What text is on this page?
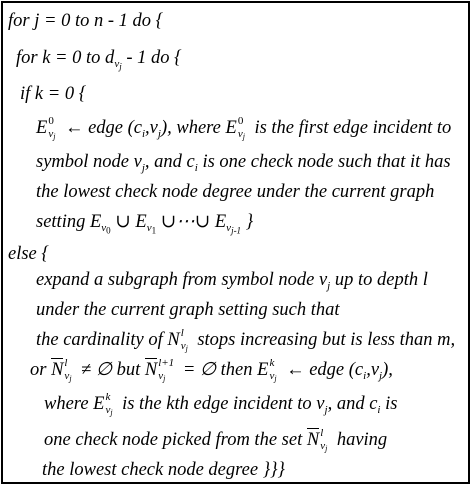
for j = 0 to n - 1 do {
for k = 0 to $d_{v_j} - 1$ do {
if k = 0 {
E 0
vj ← edge $(c_i,v_j)$, where E 0
vj is the first edge incident to
symbol node $v_j$, and $c_i$ is one check node such that it has
the lowest check node degree under the current graph
setting $E_{v_0}$ ∪ $E_{v_1}$ ∪⋯∪ $E_{v_{j-1}}$ }
else {
expand a subgraph from symbol node $v_j$ up to depth l
under the current graph setting such that
the cardinality of N l
vj stops increasing but is less than m,
or N l
vj ≠ ∅ but N l+1
vj = ∅ then E k
vj ← edge $(c_i,v_j)$,
where E k
vj is the kth edge incident to $v_j$, and $c_i$ is
one check node picked from the set N l
vj having
the lowest check node degree }}}
